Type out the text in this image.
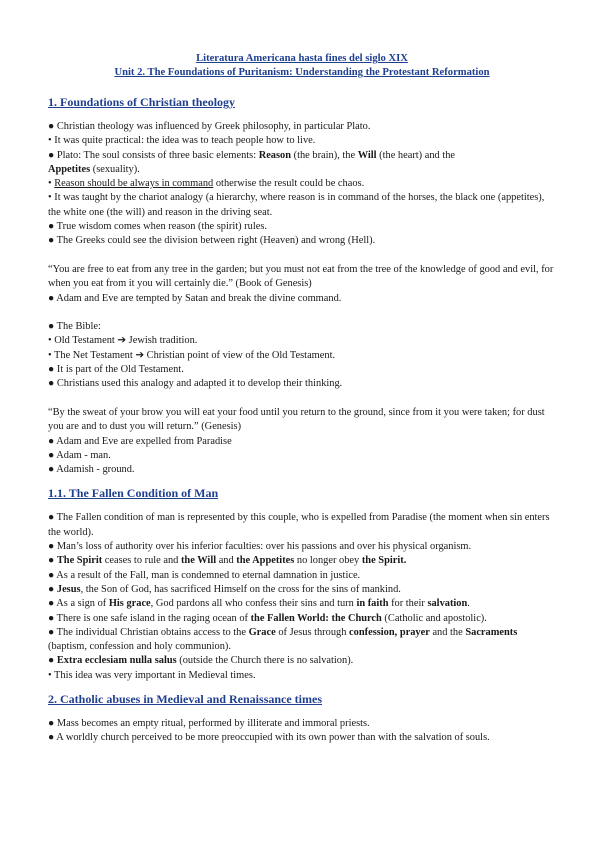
Literatura Americana hasta fines del siglo XIX
Unit 2. The Foundations of Puritanism: Understanding the Protestant Reformation
1. Foundations of Christian theology

● Christian theology was influenced by Greek philosophy, in particular Plato.

• It was quite practical: the idea was to teach people how to live.

● Plato: The soul consists of three basic elements: Reason (the brain), the Will (the heart) and the
Appetites (sexuality).

• Reason should be always in command otherwise the result could be chaos.

• It was taught by the chariot analogy (a hierarchy, where reason is in command of the horses, the black one (appetites), the white one (the will) and reason in the driving seat.

● True wisdom comes when reason (the spirit) rules.

● The Greeks could see the division between right (Heaven) and wrong (Hell).

“You are free to eat from any tree in the garden; but you must not eat from the tree of the knowledge of good and evil, for when you eat from it you will certainly die.” (Book of Genesis)

● Adam and Eve are tempted by Satan and break the divine command.

● The Bible:

• Old Testament ➔ Jewish tradition.

• The Net Testament ➔ Christian point of view of the Old Testament.

● It is part of the Old Testament.

● Christians used this analogy and adapted it to develop their thinking.

“By the sweat of your brow you will eat your food until you return to the ground, since from it you were taken; for dust you are and to dust you will return.” (Genesis)

● Adam and Eve are expelled from Paradise

● Adam - man.

● Adamish - ground.

1.1. The Fallen Condition of Man

● The Fallen condition of man is represented by this couple, who is expelled from Paradise (the moment when sin enters the world).

● Man’s loss of authority over his inferior faculties: over his passions and over his physical organism.

● The Spirit ceases to rule and the Will and the Appetites no longer obey the Spirit.

● As a result of the Fall, man is condemned to eternal damnation in justice.

● Jesus, the Son of God, has sacrificed Himself on the cross for the sins of mankind.

● As a sign of His grace, God pardons all who confess their sins and turn in faith for their salvation.

● There is one safe island in the raging ocean of the Fallen World: the Church (Catholic and apostolic).

● The individual Christian obtains access to the Grace of Jesus through confession, prayer and the Sacraments (baptism, confession and holy communion).

● Extra ecclesiam nulla salus (outside the Church there is no salvation).

• This idea was very important in Medieval times.

2. Catholic abuses in Medieval and Renaissance times

● Mass becomes an empty ritual, performed by illiterate and immoral priests.

● A worldly church perceived to be more preoccupied with its own power than with the salvation of souls.
